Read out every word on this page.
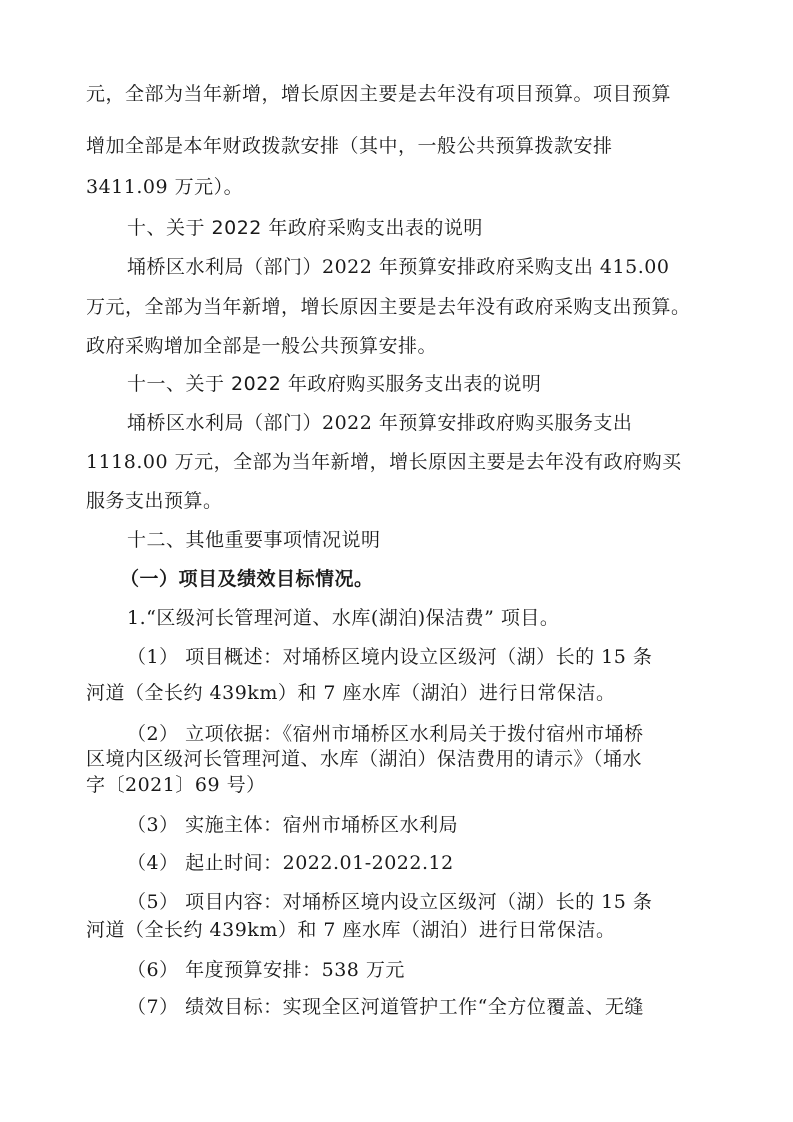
元，全部为当年新增，增长原因主要是去年没有项目预算。项目预算
增加全部是本年财政拨款安排（其中，一般公共预算拨款安排
3411.09 万元）。
十、关于 2022 年政府采购支出表的说明
埇桥区水利局（部门）2022 年预算安排政府采购支出 415.00
万元，全部为当年新增，增长原因主要是去年没有政府采购支出预算。
政府采购增加全部是一般公共预算安排。
十一、关于 2022 年政府购买服务支出表的说明
埇桥区水利局（部门）2022 年预算安排政府购买服务支出
1118.00 万元，全部为当年新增，增长原因主要是去年没有政府购买
服务支出预算。
十二、其他重要事项情况说明
（一）项目及绩效目标情况。
1.“区级河长管理河道、水库(湖泊)保洁费” 项目。
（1） 项目概述：对埇桥区境内设立区级河（湖）长的 15 条
河道（全长约 439km）和 7 座水库（湖泊）进行日常保洁。
（2） 立项依据：《宿州市埇桥区水利局关于拨付宿州市埇桥
区境内区级河长管理河道、水库（湖泊）保洁费用的请示》（埇水
字〔2021〕69 号）
（3） 实施主体：宿州市埇桥区水利局
（4） 起止时间：2022.01-2022.12
（5） 项目内容：对埇桥区境内设立区级河（湖）长的 15 条
河道（全长约 439km）和 7 座水库（湖泊）进行日常保洁。
（6） 年度预算安排：538 万元
（7） 绩效目标：实现全区河道管护工作“全方位覆盖、无缝
